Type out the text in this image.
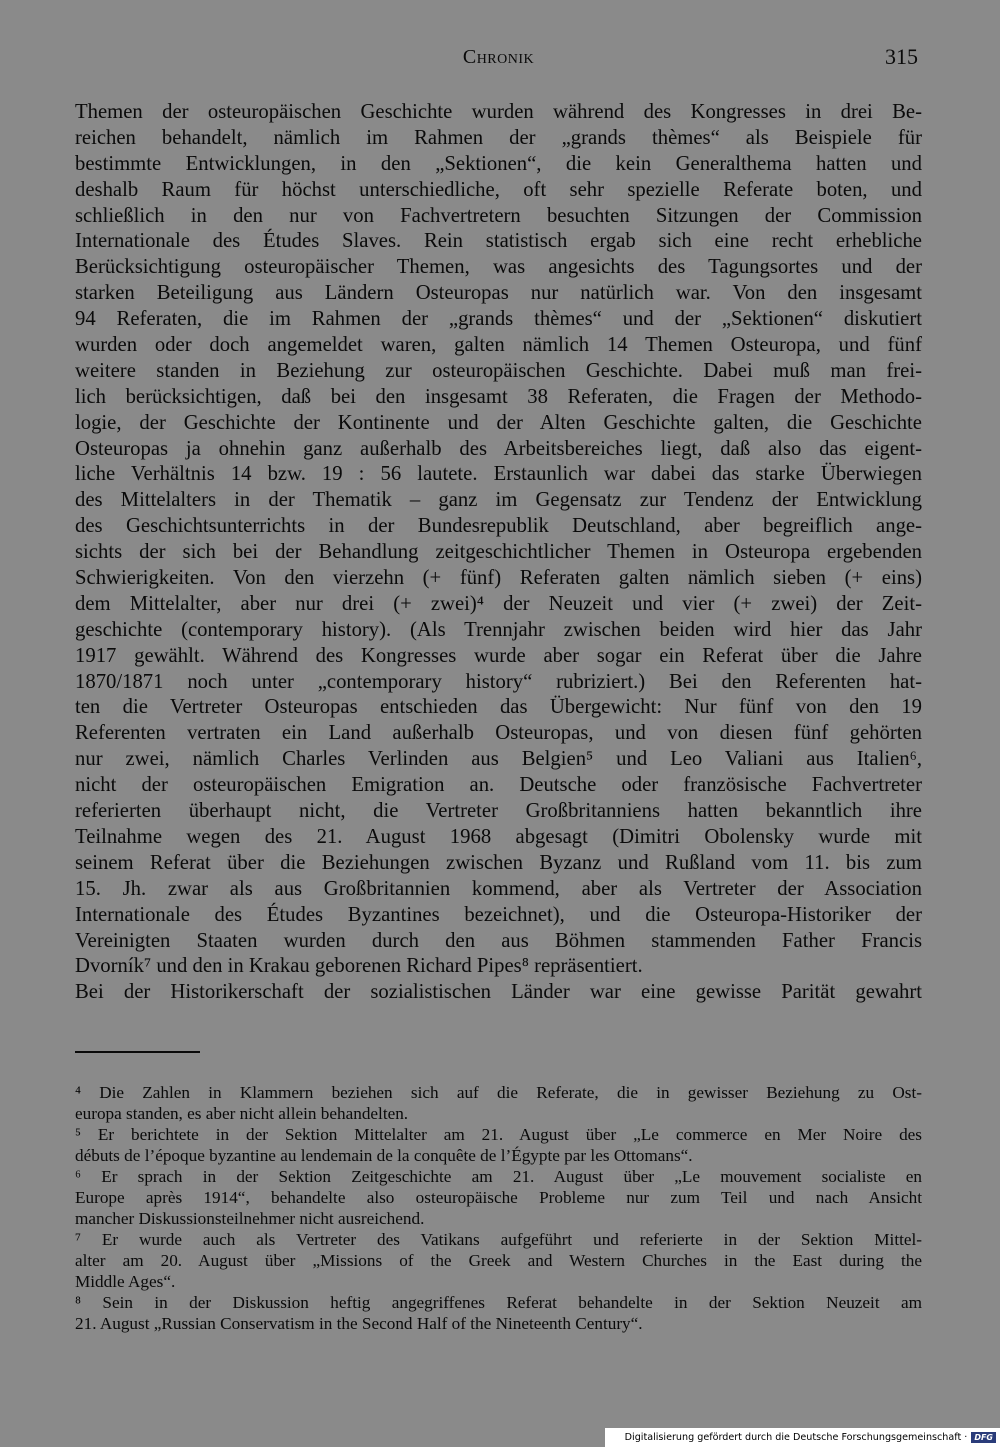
Chronik	315
Themen der osteuropäischen Geschichte wurden während des Kongresses in drei Be-
reichen behandelt, nämlich im Rahmen der „grands thèmes“ als Beispiele für
bestimmte Entwicklungen, in den „Sektionen“, die kein Generalthema hatten und
deshalb Raum für höchst unterschiedliche, oft sehr spezielle Referate boten, und
schließlich in den nur von Fachvertretern besuchten Sitzungen der Commission
Internationale des Études Slaves. Rein statistisch ergab sich eine recht erhebliche
Berücksichtigung osteuropäischer Themen, was angesichts des Tagungsortes und der
starken Beteiligung aus Ländern Osteuropas nur natürlich war. Von den insgesamt
94 Referaten, die im Rahmen der „grands thèmes“ und der „Sektionen“ diskutiert
wurden oder doch angemeldet waren, galten nämlich 14 Themen Osteuropa, und fünf
weitere standen in Beziehung zur osteuropäischen Geschichte. Dabei muß man frei-
lich berücksichtigen, daß bei den insgesamt 38 Referaten, die Fragen der Methodo-
logie, der Geschichte der Kontinente und der Alten Geschichte galten, die Geschichte
Osteuropas ja ohnehin ganz außerhalb des Arbeitsbereiches liegt, daß also das eigent-
liche Verhältnis 14 bzw. 19 : 56 lautete. Erstaunlich war dabei das starke Überwiegen
des Mittelalters in der Thematik – ganz im Gegensatz zur Tendenz der Entwicklung
des Geschichtsunterrichts in der Bundesrepublik Deutschland, aber begreiflich ange-
sichts der sich bei der Behandlung zeitgeschichtlicher Themen in Osteuropa ergebenden
Schwierigkeiten. Von den vierzehn (+ fünf) Referaten galten nämlich sieben (+ eins)
dem Mittelalter, aber nur drei (+ zwei)⁴ der Neuzeit und vier (+ zwei) der Zeit-
geschichte (contemporary history). (Als Trennjahr zwischen beiden wird hier das Jahr
1917 gewählt. Während des Kongresses wurde aber sogar ein Referat über die Jahre
1870/1871 noch unter „contemporary history“ rubriziert.) Bei den Referenten hat-
ten die Vertreter Osteuropas entschieden das Übergewicht: Nur fünf von den 19
Referenten vertraten ein Land außerhalb Osteuropas, und von diesen fünf gehörten
nur zwei, nämlich Charles Verlinden aus Belgien⁵ und Leo Valiani aus Italien⁶,
nicht der osteuropäischen Emigration an. Deutsche oder französische Fachvertreter
referierten überhaupt nicht, die Vertreter Großbritanniens hatten bekanntlich ihre
Teilnahme wegen des 21. August 1968 abgesagt (Dimitri Obolensky wurde mit
seinem Referat über die Beziehungen zwischen Byzanz und Rußland vom 11. bis zum
15. Jh. zwar als aus Großbritannien kommend, aber als Vertreter der Association
Internationale des Études Byzantines bezeichnet), und die Osteuropa-Historiker der
Vereinigten Staaten wurden durch den aus Böhmen stammenden Father Francis
Dvorník⁷ und den in Krakau geborenen Richard Pipes⁸ repräsentiert.
Bei der Historikerschaft der sozialistischen Länder war eine gewisse Parität gewahrt
⁴ Die Zahlen in Klammern beziehen sich auf die Referate, die in gewisser Beziehung zu Ost-
europa standen, es aber nicht allein behandelten.
⁵ Er berichtete in der Sektion Mittelalter am 21. August über „Le commerce en Mer Noire des
débuts de l’époque byzantine au lendemain de la conquête de l’Égypte par les Ottomans“.
⁶ Er sprach in der Sektion Zeitgeschichte am 21. August über „Le mouvement socialiste en
Europe après 1914“, behandelte also osteuropäische Probleme nur zum Teil und nach Ansicht
mancher Diskussionsteilnehmer nicht ausreichend.
⁷ Er wurde auch als Vertreter des Vatikans aufgeführt und referierte in der Sektion Mittel-
alter am 20. August über „Missions of the Greek and Western Churches in the East during the
Middle Ages“.
⁸ Sein in der Diskussion heftig angegriffenes Referat behandelte in der Sektion Neuzeit am
21. August „Russian Conservatism in the Second Half of the Nineteenth Century“.
Digitalisierung gefördert durch die Deutsche Forschungsgemeinschaft · DFG
